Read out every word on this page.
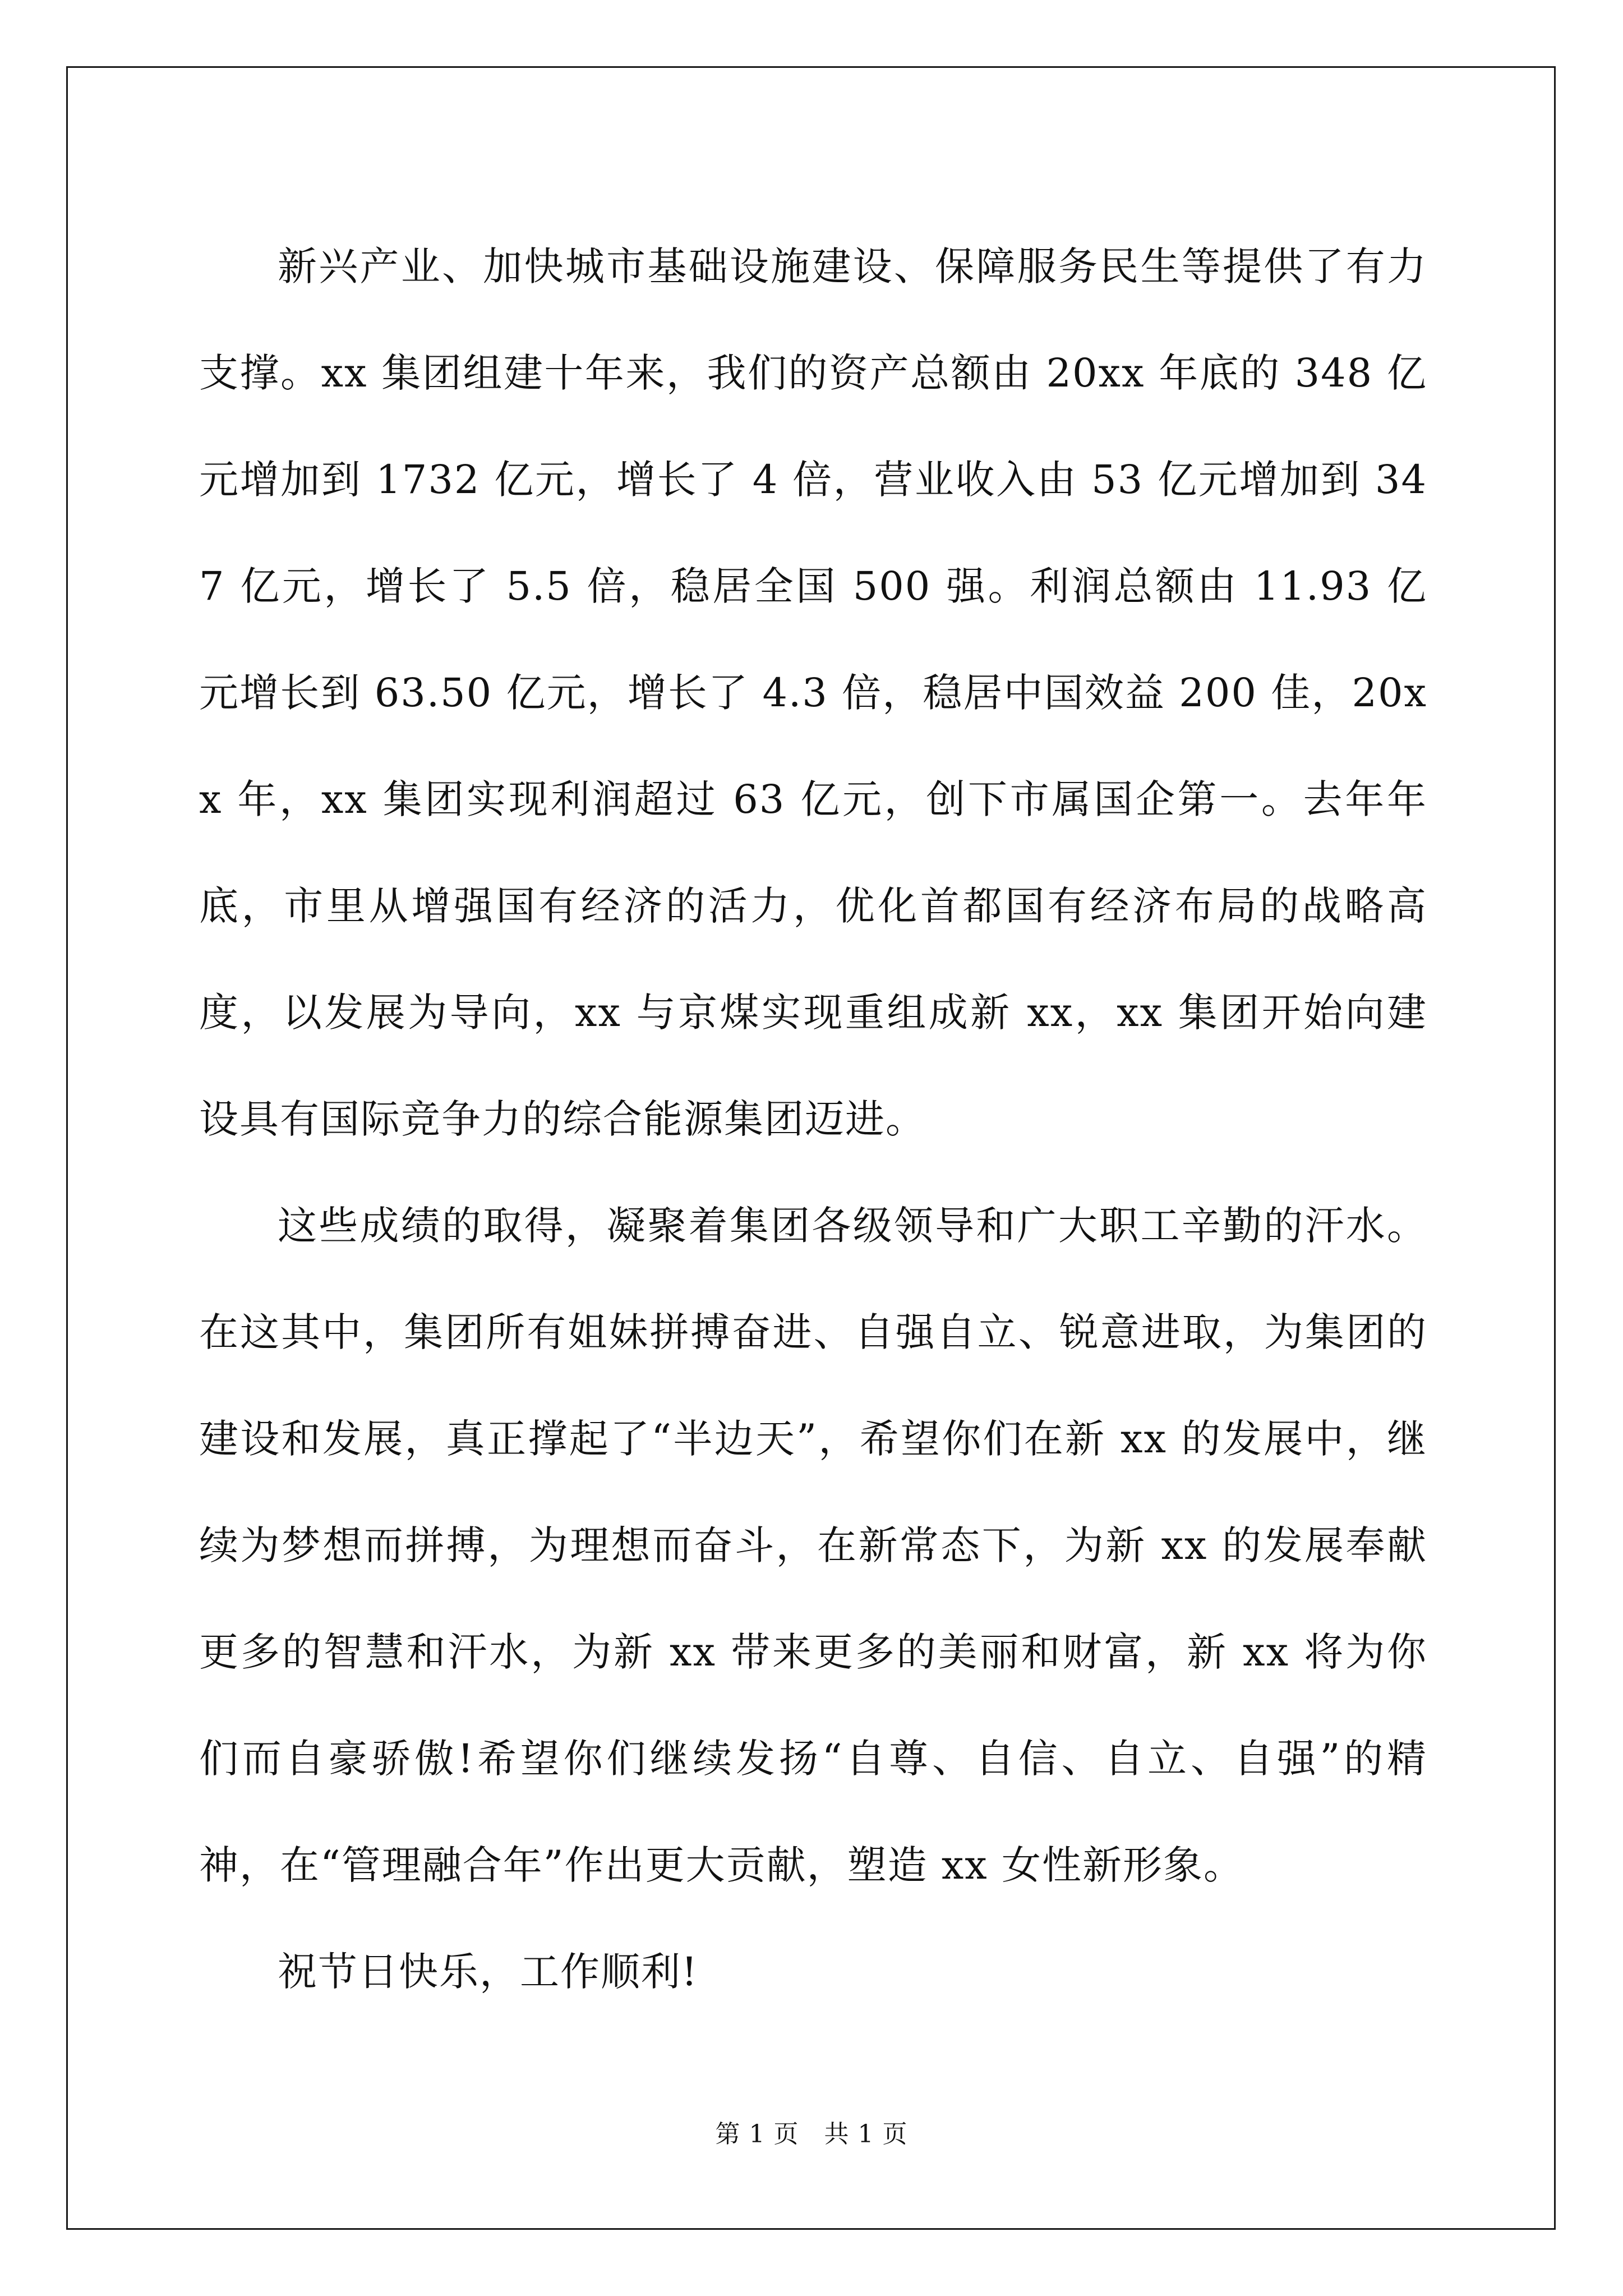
新兴产业、加快城市基础设施建设、保障服务民生等提供了有力支撑。xx 集团组建十年来，我们的资产总额由 20xx 年底的 348 亿元增加到 1732 亿元，增长了 4 倍，营业收入由 53 亿元增加到 347 亿元，增长了 5.5 倍，稳居全国 500 强。利润总额由 11.93 亿元增长到 63.50 亿元，增长了 4.3 倍，稳居中国效益 200 佳，20xx 年，xx 集团实现利润超过 63 亿元，创下市属国企第一。去年年底，市里从增强国有经济的活力，优化首都国有经济布局的战略高度，以发展为导向，xx 与京煤实现重组成新 xx，xx 集团开始向建设具有国际竞争力的综合能源集团迈进。

这些成绩的取得，凝聚着集团各级领导和广大职工辛勤的汗水。在这其中，集团所有姐妹拼搏奋进、自强自立、锐意进取，为集团的建设和发展，真正撑起了“半边天”，希望你们在新 xx 的发展中，继续为梦想而拼搏，为理想而奋斗，在新常态下，为新 xx 的发展奉献更多的智慧和汗水，为新 xx 带来更多的美丽和财富，新 xx 将为你们而自豪骄傲!希望你们继续发扬“自尊、自信、自立、自强”的精神，在“管理融合年”作出更大贡献，塑造 xx 女性新形象。

祝节日快乐，工作顺利!

第 1 页   共 1 页
